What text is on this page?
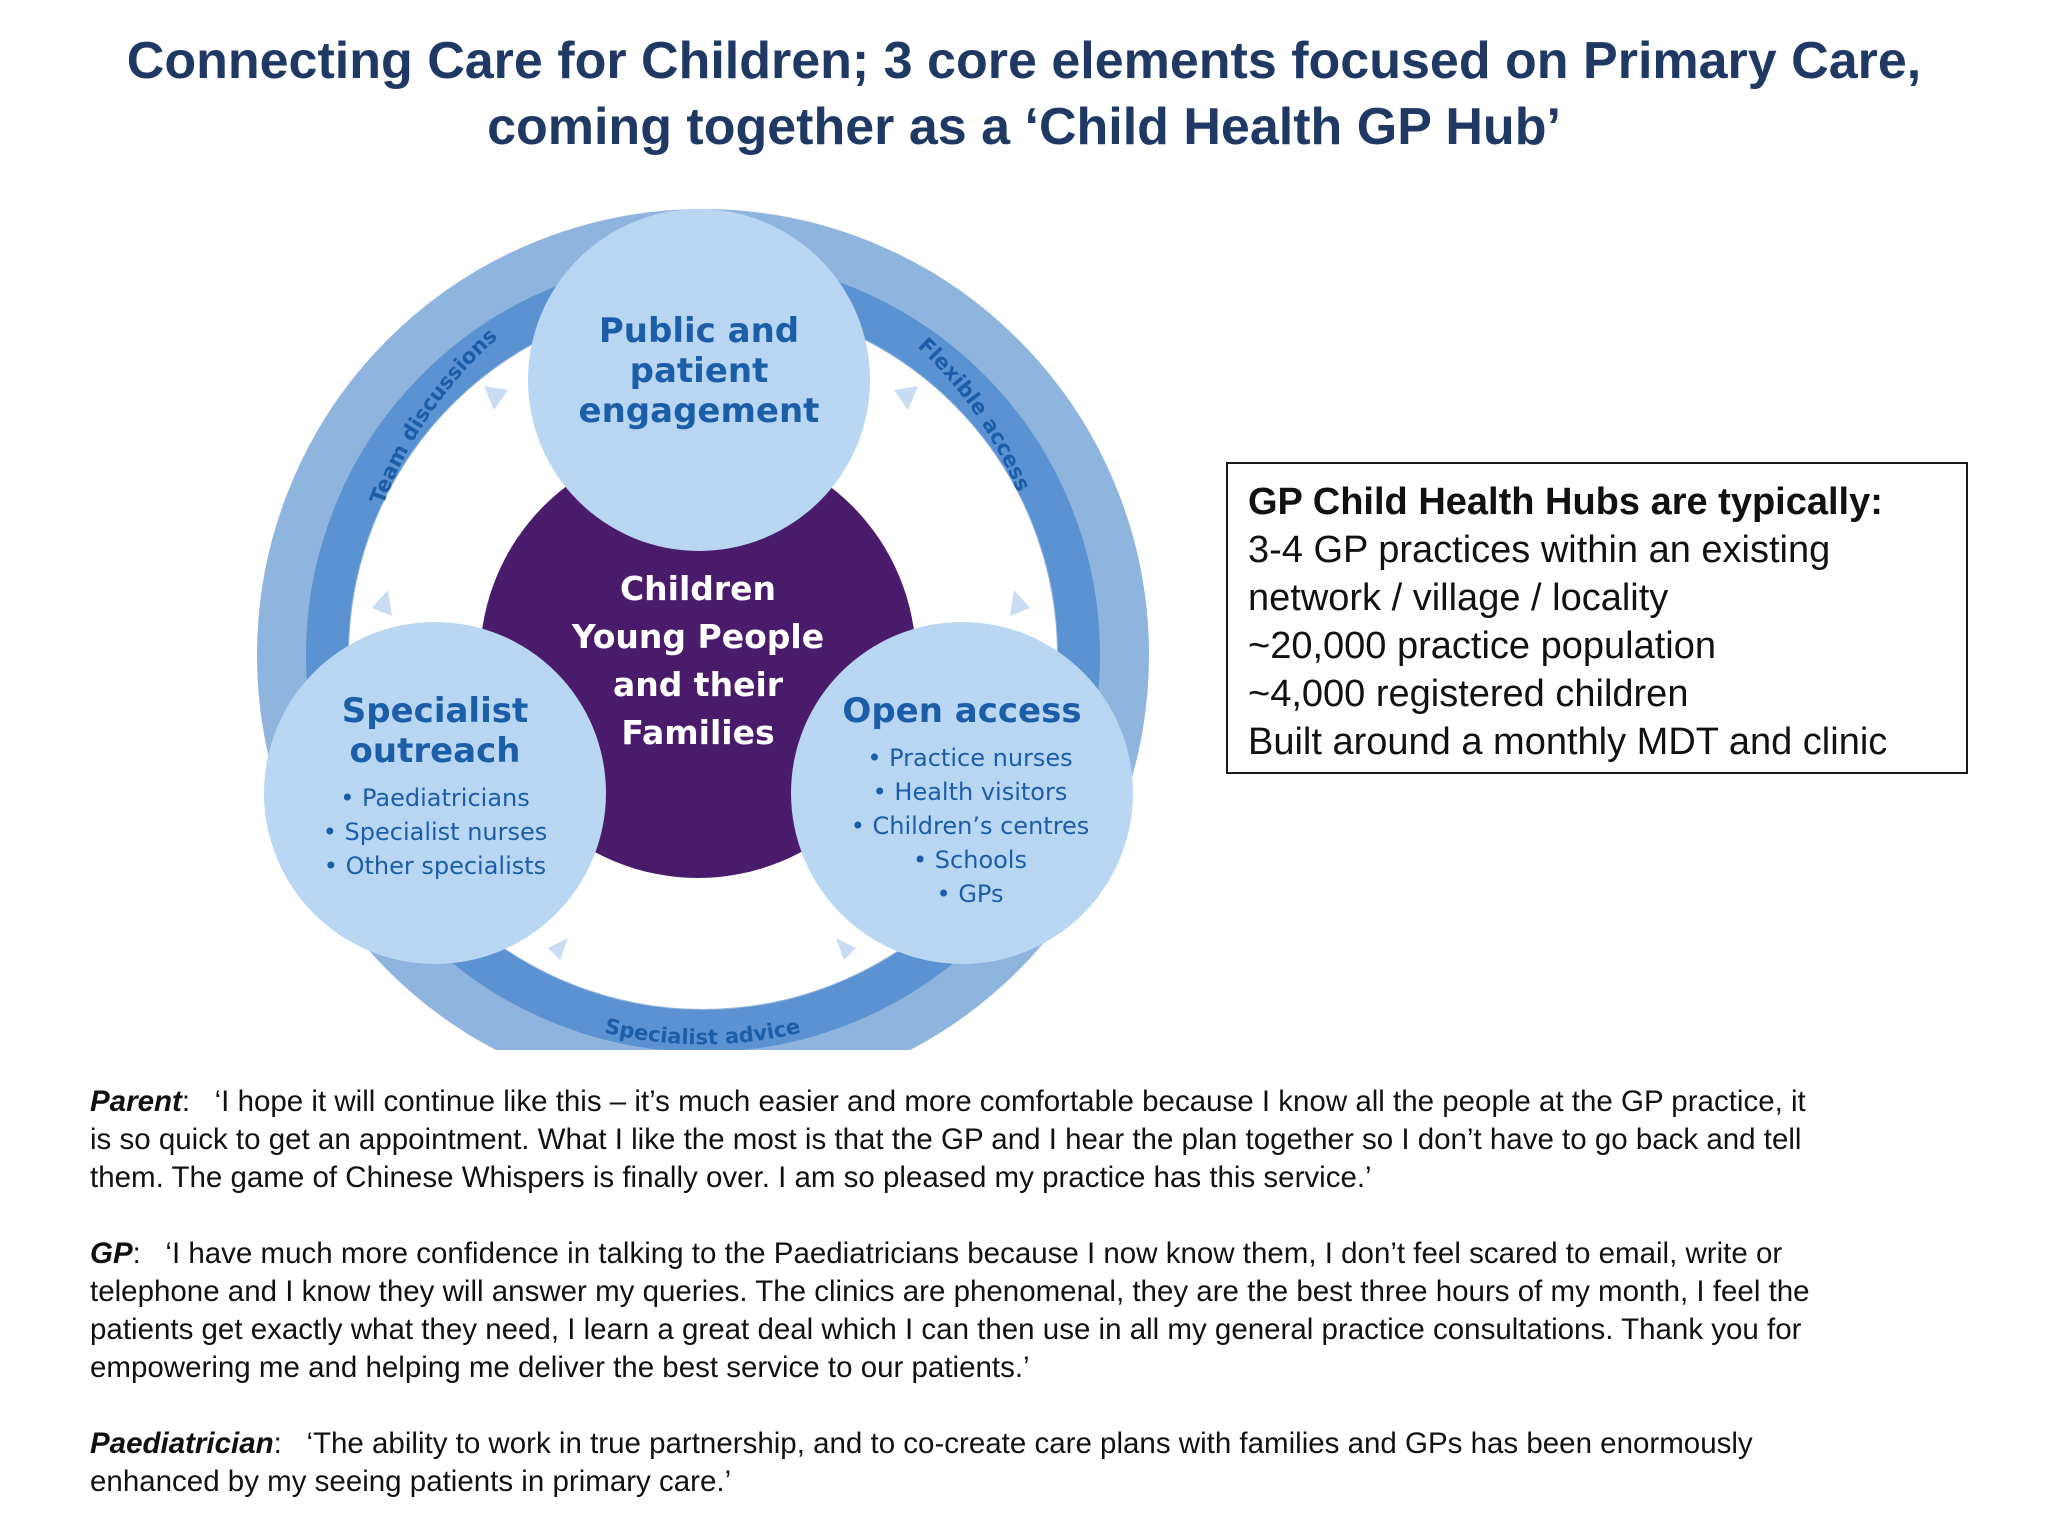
Connecting Care for Children; 3 core elements focused on Primary Care,
coming together as a ‘Child Health GP Hub’
Team discussions	Flexible access
Specialist advice
Education	Education
Education
Children
Young People
and their
Families
Public and
patient
engagement
Specialist
outreach
• Paediatricians
• Specialist nurses
• Other specialists
Open access
• Practice nurses
• Health visitors
• Children’s centres
• Schools
• GPs
GP Child Health Hubs are typically:
3-4 GP practices within an existing
network / village / locality
~20,000 practice population
~4,000 registered children
Built around a monthly MDT and clinic
Parent:   ‘I hope it will continue like this – it’s much easier and more comfortable because I know all the people at the GP practice, it
is so quick to get an appointment. What I like the most is that the GP and I hear the plan together so I don’t have to go back and tell
them. The game of Chinese Whispers is finally over. I am so pleased my practice has this service.’
GP:   ‘I have much more confidence in talking to the Paediatricians because I now know them, I don’t feel scared to email, write or
telephone and I know they will answer my queries. The clinics are phenomenal, they are the best three hours of my month, I feel the
patients get exactly what they need, I learn a great deal which I can then use in all my general practice consultations. Thank you for
empowering me and helping me deliver the best service to our patients.’
Paediatrician:   ‘The ability to work in true partnership, and to co-create care plans with families and GPs has been enormously
enhanced by my seeing patients in primary care.’
